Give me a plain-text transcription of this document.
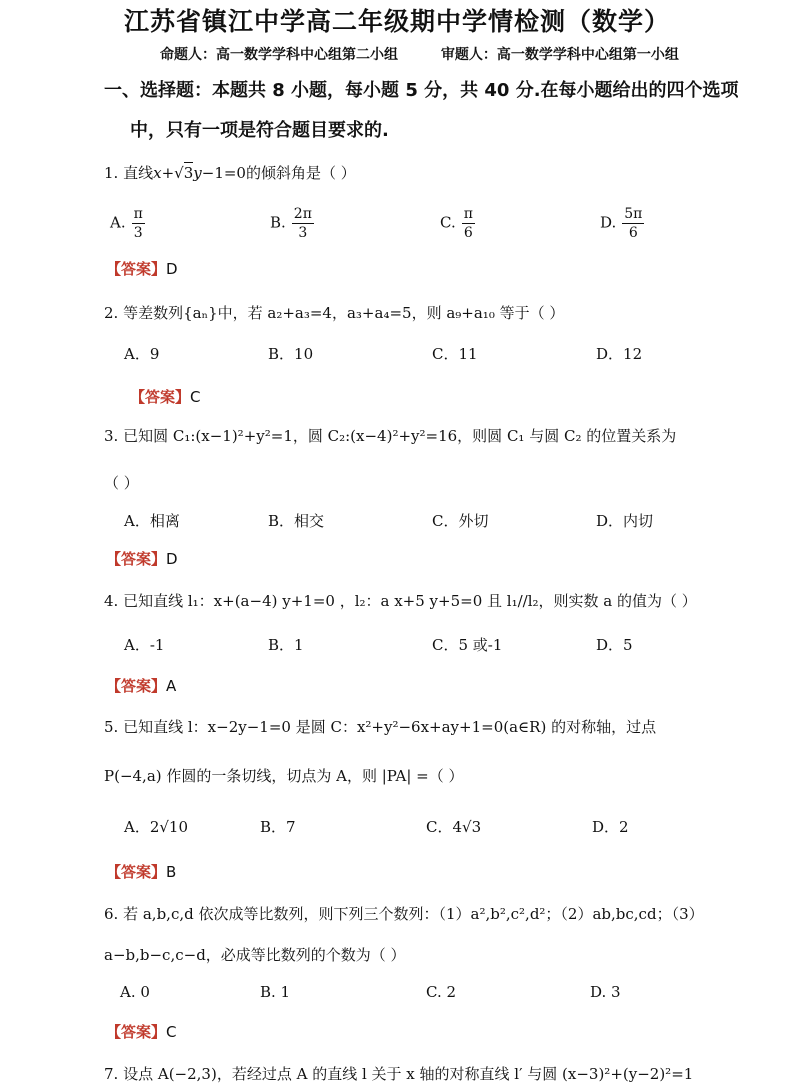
江苏省镇江中学高二年级期中学情检测（数学）
命题人：高一数学学科中心组第二小组	审题人：高一数学学科中心组第一小组
一、选择题：本题共 8 小题，每小题 5 分，共 40 分.在每小题给出的四个选项
中，只有一项是符合题目要求的.
1. 直线x+√3y−1=0的倾斜角是（ ）
A. $\frac{\pi}{3}$	B. $\frac{2\pi}{3}$	C. $\frac{\pi}{6}$	D. $\frac{5\pi}{6}$
【答案】D
2. 等差数列{aₙ}中，若 a₂+a₃=4，a₃+a₄=5，则 a₉+a₁₀ 等于（ ）
A．9	B．10	C．11	D．12
【答案】C
3. 已知圆 C₁:(x−1)²+y²=1，圆 C₂:(x−4)²+y²=16，则圆 C₁ 与圆 C₂ 的位置关系为
（ ）
A．相离	B．相交	C．外切	D．内切
【答案】D
4. 已知直线 l₁：x+(a−4) y+1=0 ，l₂：a x+5 y+5=0 且 l₁//l₂，则实数 a 的值为（ ）
A．-1	B．1	C．5 或-1	D．5
【答案】A
5. 已知直线 l：x−2y−1=0 是圆 C：x²+y²−6x+ay+1=0(a∈R) 的对称轴，过点
P(−4,a) 作圆的一条切线，切点为 A，则 |PA| =（ ）
A．2√10	B．7	C．4√3	D．2
【答案】B
6. 若 a,b,c,d 依次成等比数列，则下列三个数列：（1）a²,b²,c²,d²；（2）ab,bc,cd；（3）
a−b,b−c,c−d，必成等比数列的个数为（ ）
A. 0	B. 1	C. 2	D. 3
【答案】C
7. 设点 A(−2,3)，若经过点 A 的直线 l 关于 x 轴的对称直线 l′ 与圆 (x−3)²+(y−2)²=1
